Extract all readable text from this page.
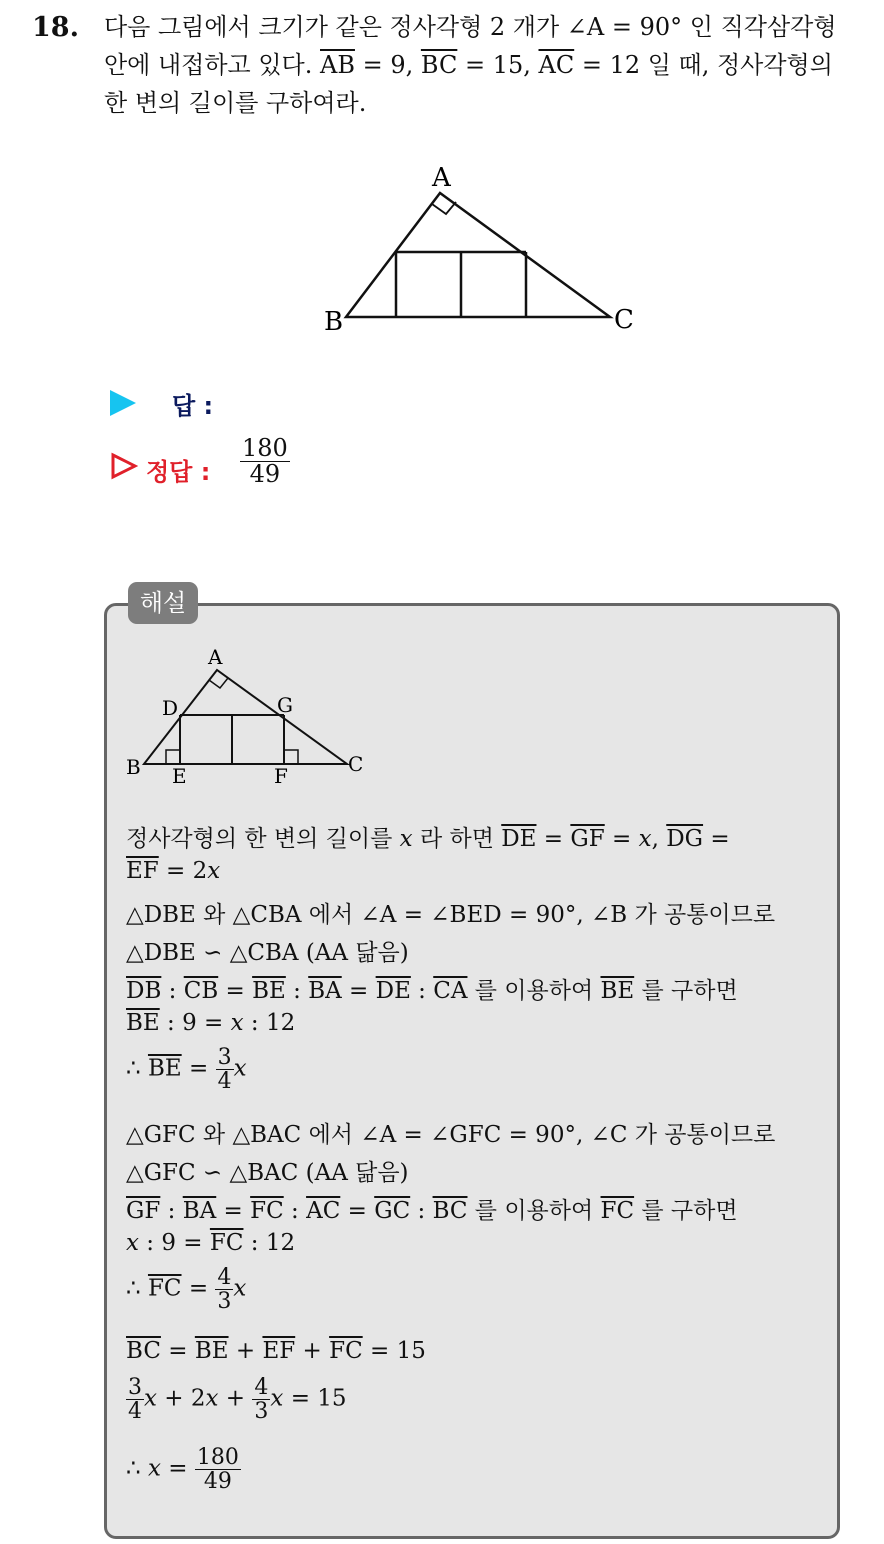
18. 다음 그림에서 크기가 같은 정사각형 2 개가 ∠A = 90° 인 직각삼각형
안에 내접하고 있다. $\overline{AB} = 9$, $\overline{BC} = 15$, $\overline{AC} = 12$ 일 때, 정사각형의
한 변의 길이를 구하여라.
A
B	C
답 :
정답 : $\frac{180}{49}$
해설
A
B	C
D
E	F
G
정사각형의 한 변의 길이를 x 라 하면 $\overline{DE} = \overline{GF} = x$, $\overline{DG}$ =
$\overline{EF} = 2x$
△DBE 와 △CBA 에서 ∠A = ∠BED = 90°, ∠B 가 공통이므로
△DBE ∽ △CBA (AA 닮음)
$\overline{DB}$ : $\overline{CB} = \overline{BE}$ : $\overline{BA} = \overline{DE}$ : $\overline{CA}$ 를 이용하여 $\overline{BE}$ 를 구하면
$\overline{BE}$ : 9 = x : 12
∴ $\overline{BE} = \frac{3}{4}$ x
△GFC 와 △BAC 에서 ∠A = ∠GFC = 90°, ∠C 가 공통이므로
△GFC ∽ △BAC (AA 닮음)
$\overline{GF}$ : $\overline{BA} = \overline{FC}$ : $\overline{AC} = \overline{GC}$ : $\overline{BC}$ 를 이용하여 $\overline{FC}$ 를 구하면
x : $9 = \overline{FC}$ : 12
∴ $\overline{FC} = \frac{4}{3}$ x
$\overline{BC} = \overline{BE} + \overline{EF} + \overline{FC} = 15$
$\frac{3}{4}$ $x + 2x + \frac{4}{3}$ x = 15
∴ $x = \frac{180}{49}$
